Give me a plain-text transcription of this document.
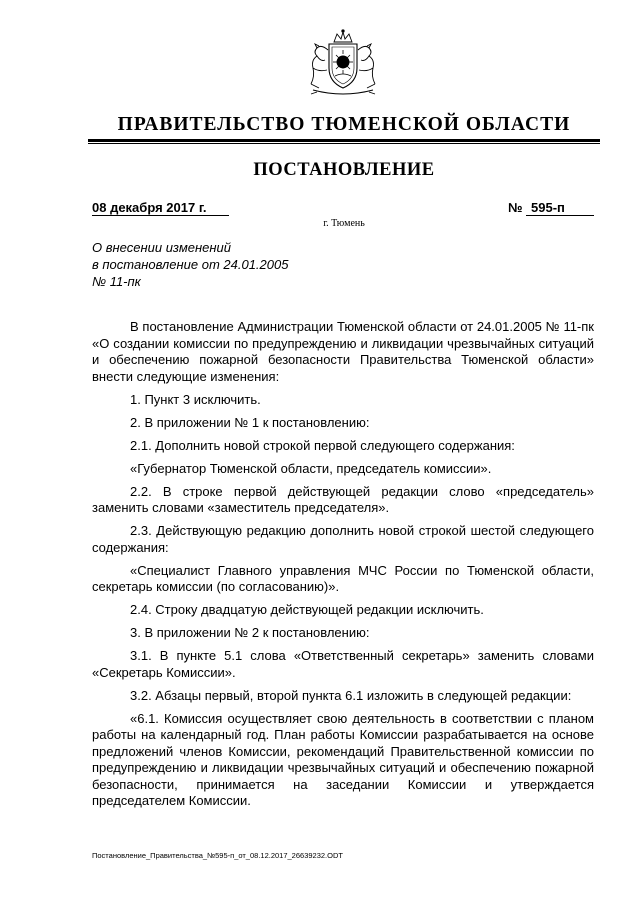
ПРАВИТЕЛЬСТВО ТЮМЕНСКОЙ ОБЛАСТИ
ПОСТАНОВЛЕНИЕ
08 декабря 2017 г.	№ 595-п
г. Тюмень
О внесении изменений
в постановление от 24.01.2005
№ 11-пк

В постановление Администрации Тюменской области от 24.01.2005 № 11-пк «О создании комиссии по предупреждению и ликвидации чрезвычайных ситуаций и обеспечению пожарной безопасности Правительства Тюменской области» внести следующие изменения:

1. Пункт 3 исключить.

2. В приложении № 1 к постановлению:

2.1. Дополнить новой строкой первой следующего содержания:

«Губернатор Тюменской области, председатель комиссии».

2.2. В строке первой действующей редакции слово «председатель» заменить словами «заместитель председателя».

2.3. Действующую редакцию дополнить новой строкой шестой следующего содержания:

«Специалист Главного управления МЧС России по Тюменской области, секретарь комиссии (по согласованию)».

2.4. Строку двадцатую действующей редакции исключить.

3. В приложении № 2 к постановлению:

3.1. В пункте 5.1 слова «Ответственный секретарь» заменить словами «Секретарь Комиссии».

3.2. Абзацы первый, второй пункта 6.1 изложить в следующей редакции:

«6.1. Комиссия осуществляет свою деятельность в соответствии с планом работы на календарный год. План работы Комиссии разрабатывается на основе предложений членов Комиссии, рекомендаций Правительственной комиссии по предупреждению и ликвидации чрезвычайных ситуаций и обеспечению пожарной безопасности, принимается на заседании Комиссии и утверждается председателем Комиссии.

Постановление_Правительства_№595-п_от_08.12.2017_26639232.ODT
